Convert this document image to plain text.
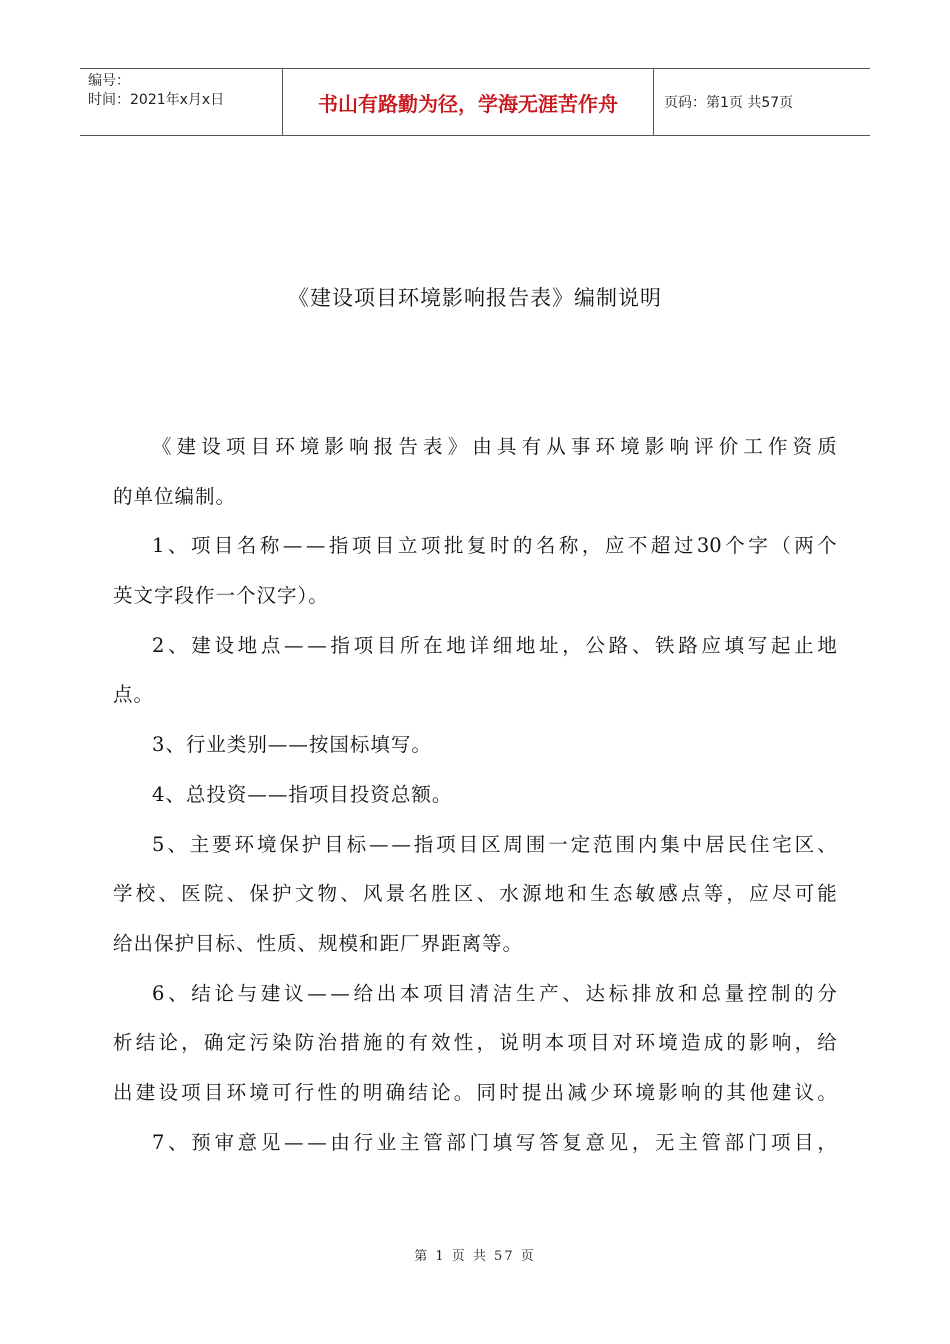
编号：
时间：2021年x月x日	书山有路勤为径，学海无涯苦作舟	页码：第1页 共57页
《建设项目环境影响报告表》编制说明
《 建 设 项 目 环 境 影 响 报 告 表 》 由 具 有 从 事 环 境 影 响 评 价 工 作 资 质
的单位编制。
1 、 项 目 名 称 — — 指 项 目 立 项 批 复 时 的 名 称 ， 应 不 超 过 30 个 字 （ 两 个
英文字段作一个汉字）。
2 、 建 设 地 点 — — 指 项 目 所 在 地 详 细 地 址 ， 公 路 、 铁 路 应 填 写 起 止 地
点。
3、行业类别——按国标填写。
4、总投资——指项目投资总额。
5 、 主 要 环 境 保 护 目 标 — — 指 项 目 区 周 围 一 定 范 围 内 集 中 居 民 住 宅 区 、
学 校 、 医 院 、 保 护 文 物 、 风 景 名 胜 区 、 水 源 地 和 生 态 敏 感 点 等 ， 应 尽 可 能
给出保护目标、性质、规模和距厂界距离等。
6 、 结 论 与 建 议 — — 给 出 本 项 目 清 洁 生 产 、 达 标 排 放 和 总 量 控 制 的 分
析 结 论 ， 确 定 污 染 防 治 措 施 的 有 效 性 ， 说 明 本 项 目 对 环 境 造 成 的 影 响 ， 给
出 建 设 项 目 环 境 可 行 性 的 明 确 结 论 。 同 时 提 出 减 少 环 境 影 响 的 其 他 建 议 。
7 、 预 审 意 见 — — 由 行 业 主 管 部 门 填 写 答 复 意 见 ， 无 主 管 部 门 项 目 ，
第 1 页 共 57 页
